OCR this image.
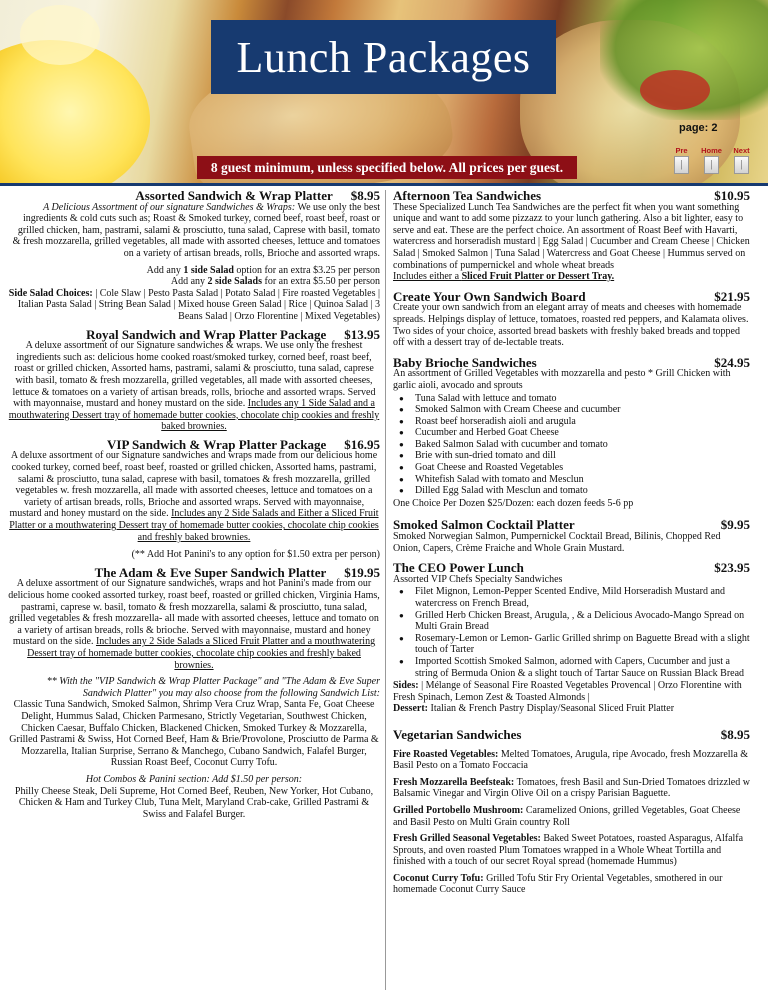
Lunch Packages
page: 2
Pre
|
Home
|
Next
|
8 guest minimum, unless specified below. All prices per guest.
Assorted Sandwich & Wrap Platter	$8.95

A Delicious Assortment of our signature Sandwiches & Wraps: We use only the best ingredients & cold cuts such as; Roast & Smoked turkey, corned beef, roast beef, roast or grilled chicken, ham, pastrami, salami & prosciutto, tuna salad, Caprese with basil, tomato & fresh mozzarella, grilled vegetables, all made with assorted cheeses, lettuce and tomatoes on a variety of artisan breads, rolls, Brioche and assorted wraps.

Add any 1 side Salad option for an extra $3.25 per person

Add any 2 side Salads for an extra $5.50 per person

Side Salad Choices: | Cole Slaw | Pesto Pasta Salad | Potato Salad | Fire roasted Vegetables | Italian Pasta Salad | String Bean Salad | Mixed house Green Salad | Rice | Quinoa Salad | 3 Beans Salad | Orzo Florentine | Mixed Vegetables)

Royal Sandwich and Wrap Platter Package	$13.95

A deluxe assortment of our Signature sandwiches & wraps. We use only the freshest ingredients such as: delicious home cooked roast/smoked turkey, corned beef, roast beef, roast or grilled chicken, Assorted hams, pastrami, salami & prosciutto, tuna salad, caprese with basil, tomato & fresh mozzarella, grilled vegetables, all made with assorted cheeses, lettuce & tomatoes on a variety of artisan breads, rolls, brioche and assorted wraps. Served with mayonnaise, mustard and honey mustard on the side. Includes any 1 Side Salad and a mouthwatering Dessert tray of homemade butter cookies, chocolate chip cookies and freshly baked brownies.

VIP Sandwich & Wrap Platter Package	$16.95

A deluxe assortment of our Signature sandwiches and wraps made from our delicious home cooked turkey, corned beef, roast beef, roasted or grilled chicken, Assorted hams, pastrami, salami & prosciutto, tuna salad, caprese with basil, tomatoes & fresh mozzarella, grilled vegetables w. fresh mozzarella, all made with assorted cheeses, lettuce and tomatoes on a variety of artisan breads, rolls, Brioche and assorted wraps. Served with mayonnaise, mustard and honey mustard on the side. Includes any 2 Side Salads and Either a Sliced Fruit Platter or a mouthwatering Dessert tray of homemade butter cookies, chocolate chip cookies and freshly baked brownies.

(** Add Hot Panini's to any option for $1.50 extra per person)

The Adam & Eve Super Sandwich Platter	$19.95

A deluxe assortment of our Signature sandwiches, wraps and hot Panini's made from our delicious home cooked assorted turkey, roast beef, roasted or grilled chicken, Virginia Hams, pastrami, caprese w. basil, tomato & fresh mozzarella, salami & prosciutto, tuna salad, grilled vegetables & fresh mozzarella- all made with assorted cheeses, lettuce and tomato on a variety of artisan breads, rolls & brioche. Served with mayonnaise, mustard and honey mustard on the side. Includes any 2 Side Salads a Sliced Fruit Platter and a mouthwatering Dessert tray of homemade butter cookies, chocolate chip cookies and freshly baked brownies.

** With the "VIP Sandwich & Wrap Platter Package" and "The Adam & Eve Super Sandwich Platter" you may also choose from the following Sandwich List:

Classic Tuna Sandwich, Smoked Salmon, Shrimp Vera Cruz Wrap, Santa Fe, Goat Cheese Delight, Hummus Salad, Chicken Parmesano, Strictly Vegetarian, Southwest Chicken, Chicken Caesar, Buffalo Chicken, Blackened Chicken, Smoked Turkey & Mozzarella, Grilled Pastrami & Swiss, Hot Corned Beef, Ham & Brie/Provolone, Prosciutto de Parma & Mozzarella, Italian Surprise, Serrano & Manchego, Cubano Sandwich, Falafel Burger, Russian Roast Beef, Coconut Curry Tofu.

Hot Combos & Panini section: Add $1.50 per person:

Philly Cheese Steak, Deli Supreme, Hot Corned Beef, Reuben, New Yorker, Hot Cubano, Chicken & Ham and Turkey Club, Tuna Melt, Maryland Crab-cake, Grilled Pastrami & Swiss and Falafel Burger.

Afternoon Tea Sandwiches	$10.95

These Specialized Lunch Tea Sandwiches are the perfect fit when you want something unique and want to add some pizzazz to your lunch gathering. Also a bit lighter, easy to serve and eat. These are the perfect choice. An assortment of Roast Beef with Havarti, watercress and horseradish mustard | Egg Salad | Cucumber and Cream Cheese | Chicken Salad | Smoked Salmon | Tuna Salad | Watercress and Goat Cheese | Hummus served on combinations of pumpernickel and whole wheat breads

Includes either a Sliced Fruit Platter or Dessert Tray.

Create Your Own Sandwich Board	$21.95

Create your own sandwich from an elegant array of meats and cheeses with homemade spreads. Helpings display of lettuce, tomatoes, roasted red peppers, and Kalamata olives. Two sides of your choice, assorted bread baskets with freshly baked breads and topped off with a dessert tray of de-lectable treats.

Baby Brioche Sandwiches	$24.95

An assortment of Grilled Vegetables with mozzarella and pesto * Grill Chicken with garlic aioli, avocado and sprouts

● Tuna Salad with lettuce and tomato
● Smoked Salmon with Cream Cheese and cucumber
● Roast beef horseradish aioli and arugula
● Cucumber and Herbed Goat Cheese
● Baked Salmon Salad with cucumber and tomato
● Brie with sun-dried tomato and dill
● Goat Cheese and Roasted Vegetables
● Whitefish Salad with tomato and Mesclun
● Dilled Egg Salad with Mesclun and tomato

One Choice Per Dozen $25/Dozen: each dozen feeds 5-6 pp

Smoked Salmon Cocktail Platter	$9.95

Smoked Norwegian Salmon, Pumpernickel Cocktail Bread, Bilinis, Chopped Red Onion, Capers, Crème Fraiche and Whole Grain Mustard.

The CEO Power Lunch	$23.95

Assorted VIP Chefs Specialty Sandwiches

● Filet Mignon, Lemon-Pepper Scented Endive, Mild Horseradish Mustard and watercress on French Bread,
● Grilled Herb Chicken Breast, Arugula, , & a Delicious Avocado-Mango Spread on Multi Grain Bread
● Rosemary-Lemon or Lemon- Garlic Grilled shrimp on Baguette Bread with a slight touch of Tarter
● Imported Scottish Smoked Salmon, adorned with Capers, Cucumber and just a string of Bermuda Onion & a slight touch of Tartar Sauce on Russian Black Bread

Sides: | Mélange of Seasonal Fire Roasted Vegetables Provencal | Orzo Florentine with Fresh Spinach, Lemon Zest & Toasted Almonds |

Dessert: Italian & French Pastry Display/Seasonal Sliced Fruit Platter

Vegetarian Sandwiches	$8.95

Fire Roasted Vegetables: Melted Tomatoes, Arugula, ripe Avocado, fresh Mozzarella & Basil Pesto on a Tomato Foccacia

Fresh Mozzarella Beefsteak: Tomatoes, fresh Basil and Sun-Dried Tomatoes drizzled w Balsamic Vinegar and Virgin Olive Oil on a crispy Parisian Baguette.

Grilled Portobello Mushroom: Caramelized Onions, grilled Vegetables, Goat Cheese and Basil Pesto on Multi Grain country Roll

Fresh Grilled Seasonal Vegetables: Baked Sweet Potatoes, roasted Asparagus, Alfalfa Sprouts, and oven roasted Plum Tomatoes wrapped in a Whole Wheat Tortilla and finished with a touch of our secret Royal spread (homemade Hummus)

Coconut Curry Tofu: Grilled Tofu Stir Fry Oriental Vegetables, smothered in our homemade Coconut Curry Sauce
